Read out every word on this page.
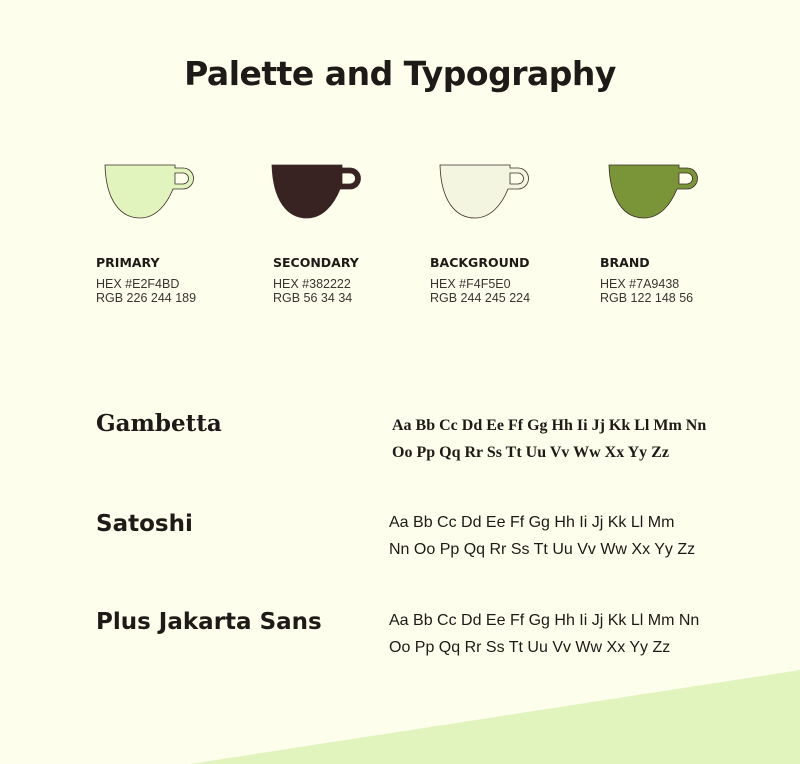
Palette and Typography
PRIMARY
HEX #E2F4BD
RGB 226 244 189
SECONDARY
HEX #382222
RGB 56 34 34
BACKGROUND
HEX #F4F5E0
RGB 244 245 224
BRAND
HEX #7A9438
RGB 122 148 56
Gambetta	Aa Bb Cc Dd Ee Ff Gg Hh Ii Jj Kk Ll Mm Nn
Oo Pp Qq Rr Ss Tt Uu Vv Ww Xx Yy Zz

Satoshi	Aa Bb Cc Dd Ee Ff Gg Hh Ii Jj Kk Ll Mm
Nn Oo Pp Qq Rr Ss Tt Uu Vv Ww Xx Yy Zz

Plus Jakarta Sans	Aa Bb Cc Dd Ee Ff Gg Hh Ii Jj Kk Ll Mm Nn
Oo Pp Qq Rr Ss Tt Uu Vv Ww Xx Yy Zz
